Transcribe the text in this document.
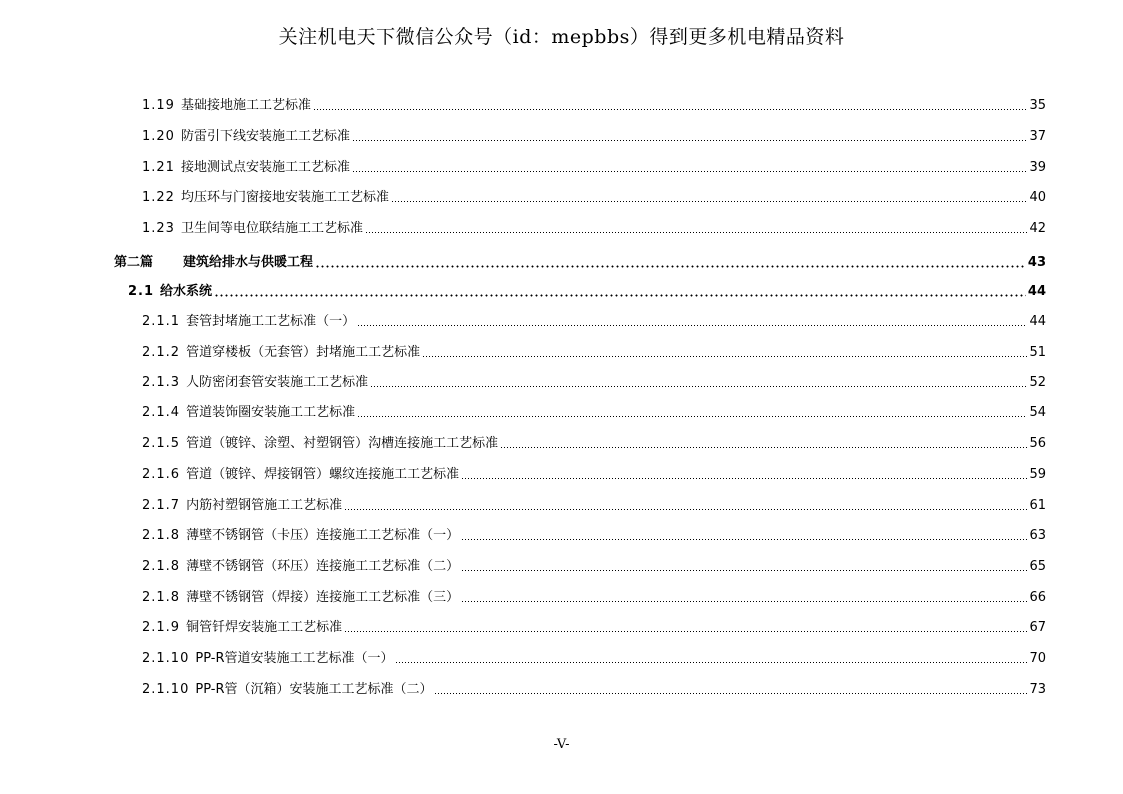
关注机电天下微信公众号（id：mepbbs）得到更多机电精品资料
1.19 基础接地施工工艺标准	35
1.20 防雷引下线安装施工工艺标准	37
1.21 接地测试点安装施工工艺标准	39
1.22 均压环与门窗接地安装施工工艺标准	40
1.23 卫生间等电位联结施工工艺标准	42
第二篇 建筑给排水与供暖工程	43
2.1 给水系统	44
2.1.1 套管封堵施工工艺标准（一）	44
2.1.2 管道穿楼板（无套管）封堵施工工艺标准	51
2.1.3 人防密闭套管安装施工工艺标准	52
2.1.4 管道装饰圈安装施工工艺标准	54
2.1.5 管道（镀锌、涂塑、衬塑钢管）沟槽连接施工工艺标准	56
2.1.6 管道（镀锌、焊接钢管）螺纹连接施工工艺标准	59
2.1.7 内筋衬塑钢管施工工艺标准	61
2.1.8 薄壁不锈钢管（卡压）连接施工工艺标准（一）	63
2.1.8 薄壁不锈钢管（环压）连接施工工艺标准（二）	65
2.1.8 薄壁不锈钢管（焊接）连接施工工艺标准（三）	66
2.1.9 铜管钎焊安装施工工艺标准	67
2.1.10 PP-R管道安装施工工艺标准（一）	70
2.1.10 PP-R管（沉箱）安装施工工艺标准（二）	73
-V-
